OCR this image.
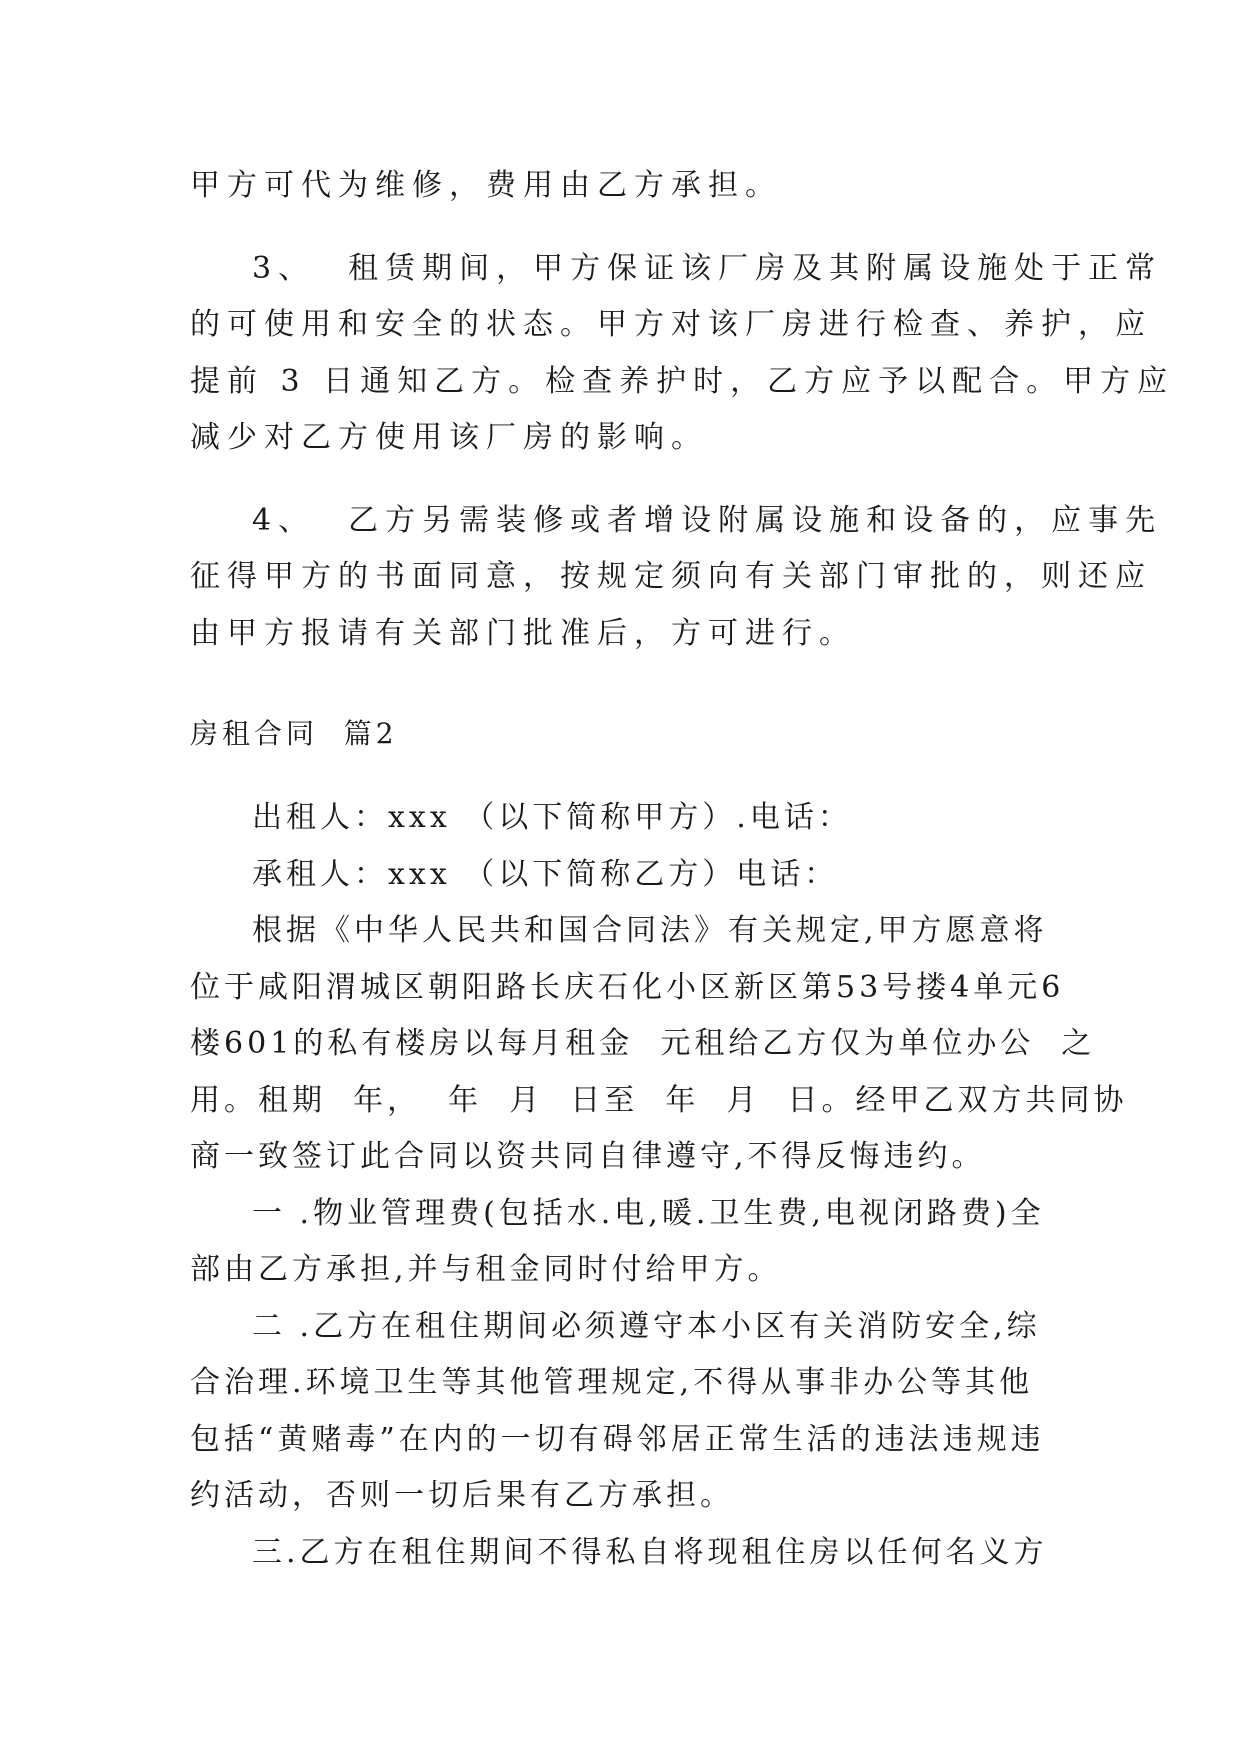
甲方可代为维修，费用由乙方承担。

3、  租赁期间，甲方保证该厂房及其附属设施处于正常

的可使用和安全的状态。甲方对该厂房进行检查、养护，应

提前 3 日通知乙方。检查养护时，乙方应予以配合。甲方应

减少对乙方使用该厂房的影响。

4、  乙方另需装修或者增设附属设施和设备的，应事先

征得甲方的书面同意，按规定须向有关部门审批的，则还应

由甲方报请有关部门批准后，方可进行。

房租合同  篇2

出租人：xxx （以下简称甲方）.电话：

承租人：xxx （以下简称乙方）电话：

根据《中华人民共和国合同法》有关规定,甲方愿意将

位于咸阳渭城区朝阳路长庆石化小区新区第53号搂4单元6

楼601的私有楼房以每月租金  元租给乙方仅为单位办公  之

用。租期  年，  年  月  日至  年  月  日。经甲乙双方共同协

商一致签订此合同以资共同自律遵守,不得反悔违约。

一 .物业管理费(包括水.电,暖.卫生费,电视闭路费)全

部由乙方承担,并与租金同时付给甲方。

二 .乙方在租住期间必须遵守本小区有关消防安全,综

合治理.环境卫生等其他管理规定,不得从事非办公等其他

包括“黄赌毒”在内的一切有碍邻居正常生活的违法违规违

约活动，否则一切后果有乙方承担。

三.乙方在租住期间不得私自将现租住房以任何名义方
